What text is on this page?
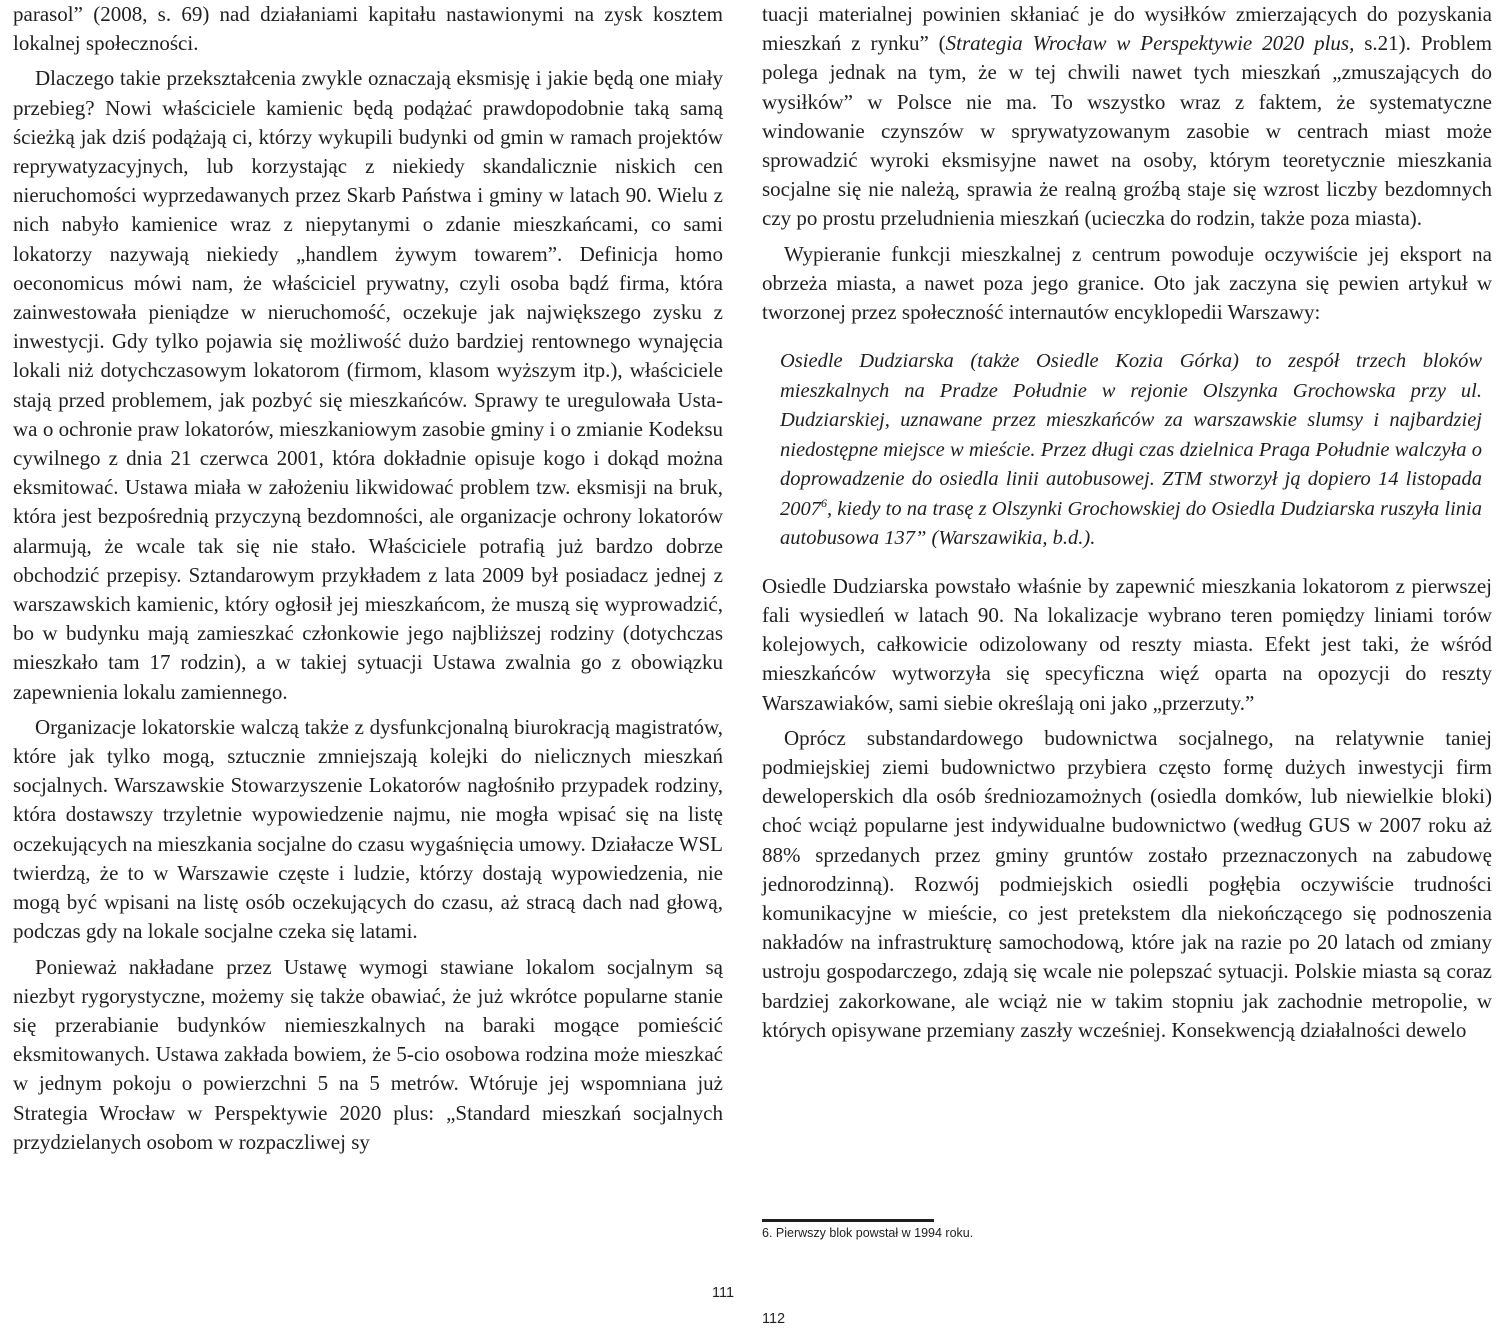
parasol” (2008, s. 69) nad działaniami kapitału nastawionymi na zysk kosztem lokalnej społeczności.

Dlaczego takie przekształcenia zwykle oznaczają eksmisję i jakie będą one miały przebieg? Nowi właściciele kamienic będą podążać prawdopodobnie taką samą ścieżką jak dziś podążają ci, którzy wykupili budynki od gmin w ramach projektów reprywatyzacyjnych, lub korzystając z niekiedy skandalicznie niskich cen nieruchomości wyprzedawanych przez Skarb Państwa i gminy w latach 90. Wielu z nich nabyło kamienice wraz z niepytanymi o zdanie mieszkańcami, co sami lokatorzy nazywają niekiedy „handlem żywym towarem”. Definicja homo oeconomicus mówi nam, że właściciel prywatny, czyli osoba bądź firma, która zainwestowała pieniądze w nieruchomość, oczekuje jak największego zysku z inwestycji. Gdy tylko pojawia się możliwość dużo bardziej rentownego wynajęcia lokali niż dotychczasowym lokatorom (firmom, klasom wyższym itp.), właściciele stają przed problemem, jak pozbyć się mieszkańców. Sprawy te uregulowała Ustawa o ochronie praw lokatorów, mieszkaniowym zasobie gminy i o zmianie Kodeksu cywilnego z dnia 21 czerwca 2001, która dokładnie opisuje kogo i dokąd można eksmitować. Ustawa miała w założeniu likwidować problem tzw. eksmisji na bruk, która jest bezpośrednią przyczyną bezdomności, ale organizacje ochrony lokatorów alarmują, że wcale tak się nie stało. Właściciele potrafią już bardzo dobrze obchodzić przepisy. Sztandarowym przykładem z lata 2009 był posiadacz jednej z warszawskich kamienic, który ogłosił jej mieszkańcom, że muszą się wyprowadzić, bo w budynku mają zamieszkać członkowie jego najbliższej rodziny (dotychczas mieszkało tam 17 rodzin), a w takiej sytuacji Ustawa zwalnia go z obowiązku zapewnienia lokalu zamiennego.

Organizacje lokatorskie walczą także z dysfunkcjonalną biurokracją magistratów, które jak tylko mogą, sztucznie zmniejszają kolejki do nielicznych mieszkań socjalnych. Warszawskie Stowarzyszenie Lokatorów nagłośniło przypadek rodziny, która dostawszy trzyletnie wypowiedzenie najmu, nie mogła wpisać się na listę oczekujących na mieszkania socjalne do czasu wygaśnięcia umowy. Działacze WSL twierdzą, że to w Warszawie częste i ludzie, którzy dostają wypowiedzenia, nie mogą być wpisani na listę osób oczekujących do czasu, aż stracą dach nad głową, podczas gdy na lokale socjalne czeka się latami.

Ponieważ nakładane przez Ustawę wymogi stawiane lokalom socjalnym są niezbyt rygorystyczne, możemy się także obawiać, że już wkrótce popularne stanie się przerabianie budynków niemieszkalnych na baraki mogące pomieścić eksmitowanych. Ustawa zakłada bowiem, że 5-cio osobowa rodzina może mieszkać w jednym pokoju o powierzchni 5 na 5 metrów. Wtóruje jej wspomniana już Strategia Wrocław w Perspektywie 2020 plus: „Standard mieszkań socjalnych przydzielanych osobom w rozpaczliwej sy

tuacji materialnej powinien skłaniać je do wysiłków zmierzających do pozyskania mieszkań z rynku” (Strategia Wrocław w Perspektywie 2020 plus, s.21). Problem polega jednak na tym, że w tej chwili nawet tych mieszkań „zmuszających do wysiłków” w Polsce nie ma. To wszystko wraz z faktem, że systematyczne windowanie czynszów w sprywatyzowanym zasobie w centrach miast może sprowadzić wyroki eksmisyjne nawet na osoby, którym teoretycznie mieszkania socjalne się nie należą, sprawia że realną groźbą staje się wzrost liczby bezdomnych czy po prostu przeludnienia mieszkań (ucieczka do rodzin, także poza miasta).

Wypieranie funkcji mieszkalnej z centrum powoduje oczywiście jej eksport na obrzeża miasta, a nawet poza jego granice. Oto jak zaczyna się pewien artykuł w tworzonej przez społeczność internautów encyklopedii Warszawy:

Osiedle Dudziarska (także Osiedle Kozia Górka) to zespół trzech bloków mieszkalnych na Pradze Południe w rejonie Olszynka Grochowska przy ul. Dudziarskiej, uznawane przez mieszkańców za warszawskie slumsy i najbardziej niedostępne miejsce w mieście. Przez długi czas dzielnica Praga Południe walczyła o doprowadzenie do osiedla linii autobusowej. ZTM stworzył ją dopiero 14 listopada 2007$^6$, kiedy to na trasę z Olszynki Grochowskiej do Osiedla Dudziarska ruszyła linia autobusowa 137” (Warszawikia, b.d.).

Osiedle Dudziarska powstało właśnie by zapewnić mieszkania lokatorom z pierwszej fali wysiedleń w latach 90. Na lokalizacje wybrano teren pomiędzy liniami torów kolejowych, całkowicie odizolowany od reszty miasta. Efekt jest taki, że wśród mieszkańców wytworzyła się specyficzna więź oparta na opozycji do reszty Warszawiaków, sami siebie określają oni jako „przerzuty.”

Oprócz substandardowego budownictwa socjalnego, na relatywnie taniej podmiejskiej ziemi budownictwo przybiera często formę dużych inwestycji firm deweloperskich dla osób średniozamożnych (osiedla domków, lub niewielkie bloki) choć wciąż popularne jest indywidualne budownictwo (według GUS w 2007 roku aż 88% sprzedanych przez gminy gruntów zostało przeznaczonych na zabudowę jednorodzinną). Rozwój podmiejskich osiedli pogłębia oczywiście trudności komunikacyjne w mieście, co jest pretekstem dla niekończącego się podnoszenia nakładów na infrastrukturę samochodową, które jak na razie po 20 latach od zmiany ustroju gospodarczego, zdają się wcale nie polepszać sytuacji. Polskie miasta są coraz bardziej zakorkowane, ale wciąż nie w takim stopniu jak zachodnie metropolie, w których opisywane przemiany zaszły wcześniej. Konsekwencją działalności dewelo

6. Pierwszy blok powstał w 1994 roku.
111
112
